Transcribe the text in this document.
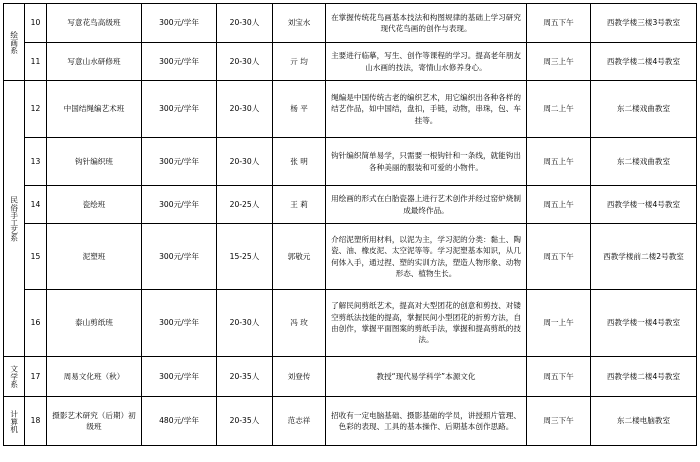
绘画系	10	写意花鸟高级班	300元/学年	20-30人	刘宝水	在掌握传统花鸟画基本技法和构图规律的基础上学习研究现代花鸟画的创作与表现。	周五下午	西教学楼三楼3号教室
	11	写意山水研修班	300元/学年	20-30人	亓 均	主要进行临摹，写生、创作等课程的学习。提高老年朋友山水画的技法，寄情山水修养身心。	周三上午	西教学楼二楼4号教室

民俗手工艺系	12	中国结绳编艺术班	300元/学年	20-30人	杨 平	绳编是中国传统古老的编织艺术，用它编织出各种各样的结艺作品，如中国结，盘扣，手链，动物，串珠，包、车挂等。	周二上午	东二楼戏曲教室
	13	钩针编织班	300元/学年	20-30人	张 明	钩针编织简单易学，只需要一根钩针和一条线，就能钩出各种美丽的服装和可爱的小物件。	周五上午	东二楼戏曲教室
	14	瓷绘班	300元/学年	20-25人	王 莉	用绘画的形式在白胎瓷器上进行艺术创作并经过窑炉烧制成最终作品。	周五上午	西教学楼一楼4号教室
	15	泥塑班	300元/学年	15-25人	郭敬元	介绍泥塑所用材料，以泥为主，学习泥的分类：黏土、陶瓷、油、橡皮泥、太空泥等等。学习泥塑基本知识，从几何体入手，通过捏、塑的实训方法，塑造人物形象、动物形态、植物生长。	周五下午	西教学楼前二楼2号教室
	16	泰山剪纸班	300元/学年	20-30人	冯 玫	了解民间剪纸艺术，提高对大型团花的创意和剪技、对镂空剪纸法技能的提高，掌握民间小型团花的折剪方法，自由创作，掌握平面图案的剪纸手法，掌握和提高剪纸的技法。	周一上午	西教学楼一楼4号教室

文学系	17	周易文化班（秋）	300元/学年	20-35人	刘登传	教授“现代易学科学”本源文化	周五下午	西教学楼二楼4号教室

计算机	18	摄影艺术研究（后期）初级班	480元/学年	20-35人	范志祥	招收有一定电脑基础、摄影基础的学员，讲授照片管理、色彩的表现、工具的基本操作、后期基本创作思路。	周三下午	东二楼电脑教室
